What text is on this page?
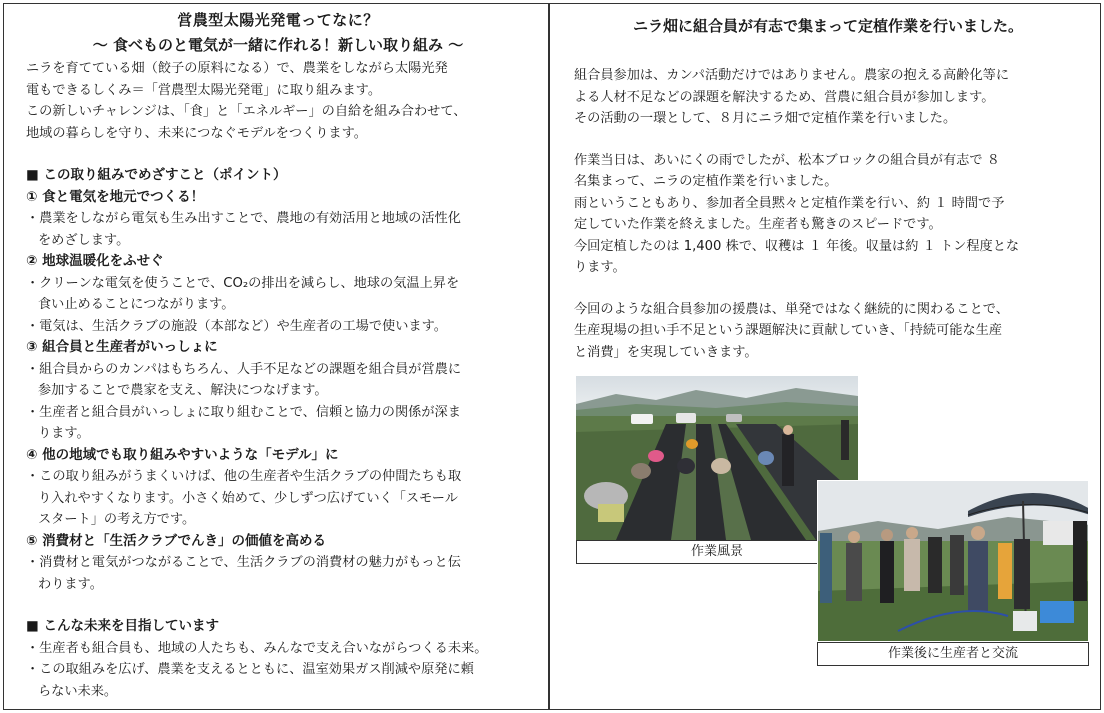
営農型太陽光発電ってなに？
～ 食べものと電気が一緒に作れる！新しい取り組み ～
ニラを育てている畑（餃子の原料になる）で、農業をしながら太陽光発
電もできるしくみ＝「営農型太陽光発電」に取り組みます。
この新しいチャレンジは、「食」と「エネルギー」の自給を組み合わせて、
地域の暮らしを守り、未来につなぐモデルをつくります。
■ この取り組みでめざすこと（ポイント）
① 食と電気を地元でつくる！
・農業をしながら電気も生み出すことで、農地の有効活用と地域の活性化
をめざします。
② 地球温暖化をふせぐ
・クリーンな電気を使うことで、CO₂の排出を減らし、地球の気温上昇を
食い止めることにつながります。
・電気は、生活クラブの施設（本部など）や生産者の工場で使います。
③ 組合員と生産者がいっしょに
・組合員からのカンパはもちろん、人手不足などの課題を組合員が営農に
参加することで農家を支え、解決につなげます。
・生産者と組合員がいっしょに取り組むことで、信頼と協力の関係が深ま
ります。
④ 他の地域でも取り組みやすいような「モデル」に
・この取り組みがうまくいけば、他の生産者や生活クラブの仲間たちも取
り入れやすくなります。小さく始めて、少しずつ広げていく「スモール
スタート」の考え方です。
⑤ 消費材と「生活クラブでんき」の価値を高める
・消費材と電気がつながることで、生活クラブの消費材の魅力がもっと伝
わります。
■ こんな未来を目指しています
・生産者も組合員も、地域の人たちも、みんなで支え合いながらつくる未来。
・この取組みを広げ、農業を支えるとともに、温室効果ガス削減や原発に頼
らない未来。
ニラ畑に組合員が有志で集まって定植作業を行いました。
組合員参加は、カンパ活動だけではありません。農家の抱える高齢化等に
よる人材不足などの課題を解決するため、営農に組合員が参加します。
その活動の一環として、８月にニラ畑で定植作業を行いました。
作業当日は、あいにくの雨でしたが、松本ブロックの組合員が有志で ８
名集まって、ニラの定植作業を行いました。
雨ということもあり、参加者全員黙々と定植作業を行い、約 １ 時間で予
定していた作業を終えました。生産者も驚きのスピードです。
今回定植したのは 1,400 株で、収穫は １ 年後。収量は約 １ トン程度とな
ります。
今回のような組合員参加の援農は、単発ではなく継続的に関わることで、
生産現場の担い手不足という課題解決に貢献していき、「持続可能な生産
と消費」を実現していきます。
作業風景
作業後に生産者と交流
